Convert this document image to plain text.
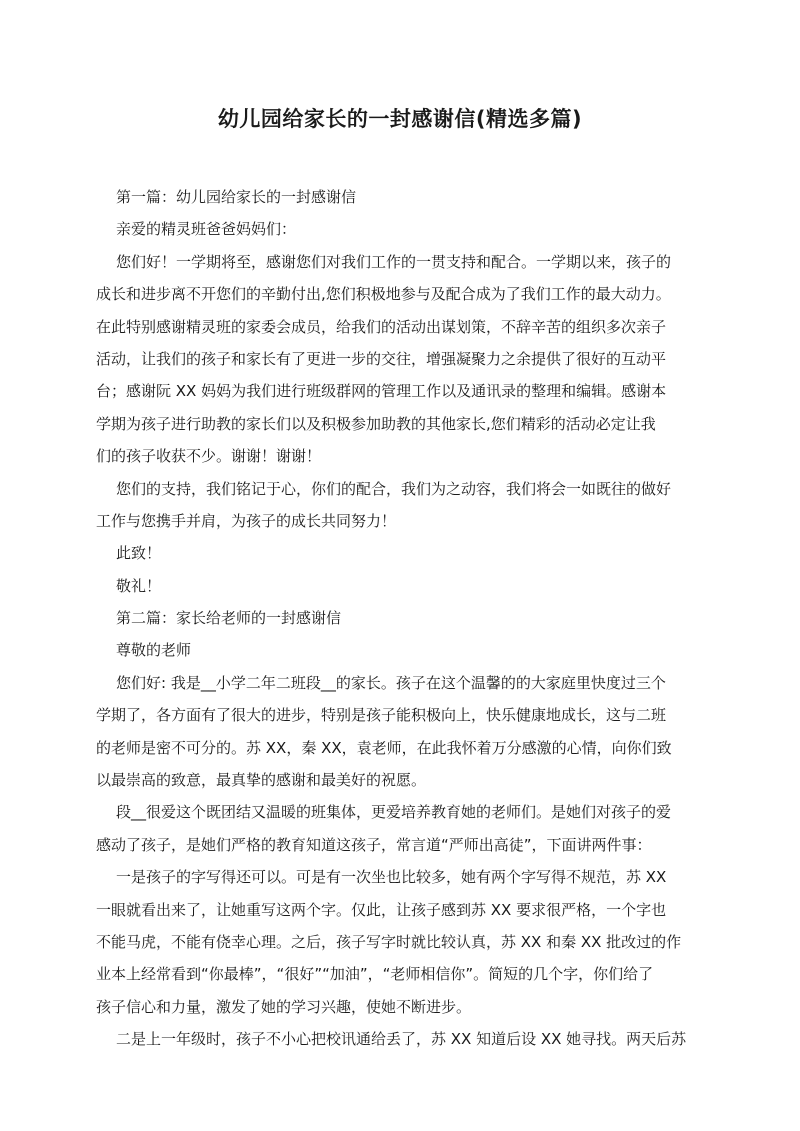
幼儿园给家长的一封感谢信(精选多篇)
第一篇：幼儿园给家长的一封感谢信
亲爱的精灵班爸爸妈妈们：
您们好！一学期将至，感谢您们对我们工作的一贯支持和配合。一学期以来，孩子的
成长和进步离不开您们的辛勤付出,您们积极地参与及配合成为了我们工作的最大动力。
在此特别感谢精灵班的家委会成员，给我们的活动出谋划策，不辞辛苦的组织多次亲子
活动，让我们的孩子和家长有了更进一步的交往，增强凝聚力之余提供了很好的互动平
台；感谢阮 XX 妈妈为我们进行班级群网的管理工作以及通讯录的整理和编辑。感谢本
学期为孩子进行助教的家长们以及积极参加助教的其他家长,您们精彩的活动必定让我
们的孩子收获不少。谢谢！谢谢！
您们的支持，我们铭记于心，你们的配合，我们为之动容，我们将会一如既往的做好
工作与您携手并肩，为孩子的成长共同努力！
此致！
敬礼！
第二篇：家长给老师的一封感谢信
尊敬的老师
您们好: 我是__小学二年二班段__的家长。孩子在这个温馨的的大家庭里快度过三个
学期了，各方面有了很大的进步，特别是孩子能积极向上，快乐健康地成长，这与二班
的老师是密不可分的。苏 XX，秦 XX，袁老师，在此我怀着万分感激的心情，向你们致
以最崇高的致意，最真挚的感谢和最美好的祝愿。
段__很爱这个既团结又温暖的班集体，更爱培养教育她的老师们。是她们对孩子的爱
感动了孩子，是她们严格的教育知道这孩子，常言道“严师出高徒”，下面讲两件事：
一是孩子的字写得还可以。可是有一次坐也比较多，她有两个字写得不规范，苏 XX
一眼就看出来了，让她重写这两个字。仅此，让孩子感到苏 XX 要求很严格，一个字也
不能马虎，不能有侥幸心理。之后，孩子写字时就比较认真，苏 XX 和秦 XX 批改过的作
业本上经常看到“你最棒”，“很好”“加油”，“老师相信你”。简短的几个字，你们给了
孩子信心和力量，激发了她的学习兴趣，使她不断进步。
二是上一年级时，孩子不小心把校讯通给丢了，苏 XX 知道后设 XX 她寻找。两天后苏
